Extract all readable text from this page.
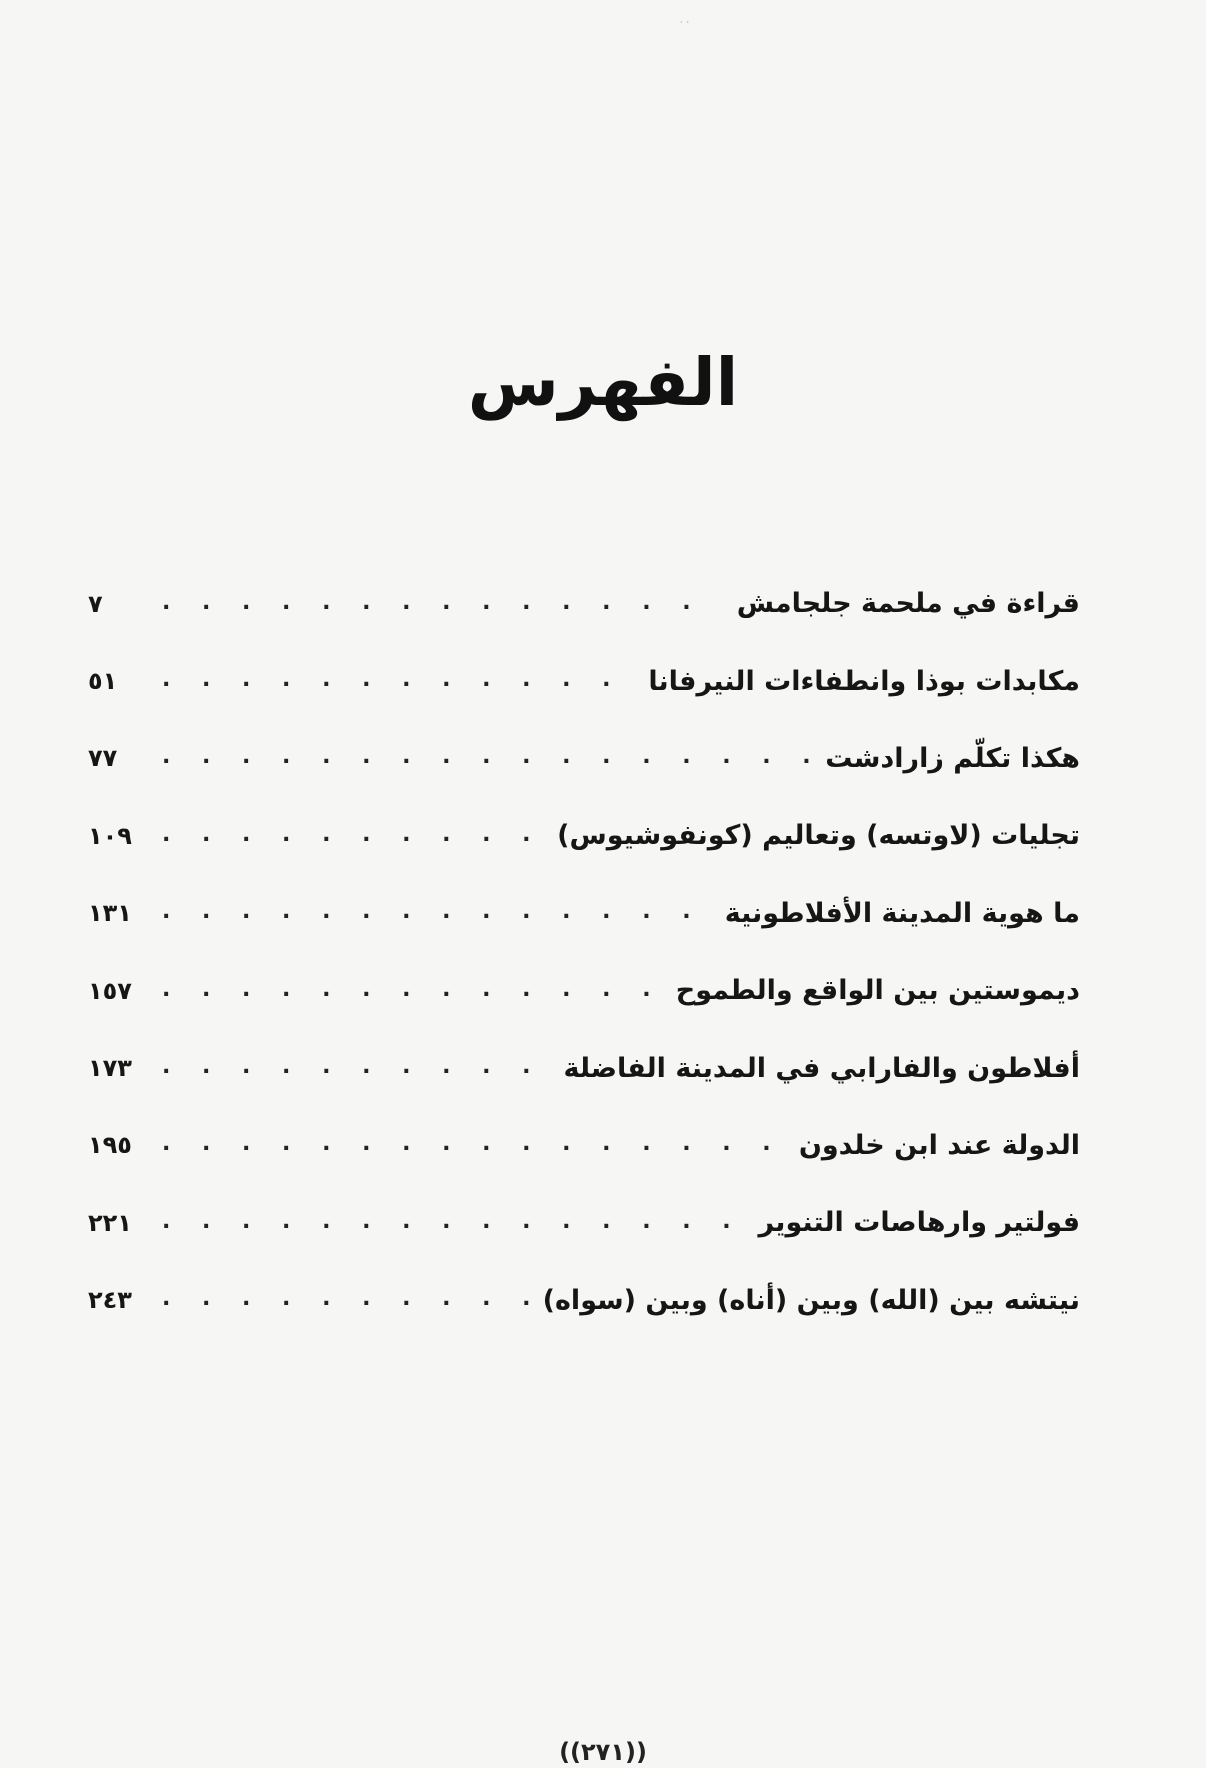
··
الفهرس
قراءة في ملحمة جلجامش
. . .
٧
مكابدات بوذا وانطفاءات النيرفانا
. . .
٥١
هكذا تكلّم زارادشت
. . .
٧٧
تجليات (لاوتسه) وتعاليم (كونفوشيوس)
. . .
١٠٩
ما هوية المدينة الأفلاطونية
. . .
١٣١
ديموستين بين الواقع والطموح
. . .
١٥٧
أفلاطون والفارابي في المدينة الفاضلة
. . .
١٧٣
الدولة عند ابن خلدون
. . .
١٩٥
فولتير وارهاصات التنوير
. . .
٢٢١
نيتشه بين (الله) وبين (أناه) وبين (سواه)
. . .
٢٤٣
((٢٧١))
